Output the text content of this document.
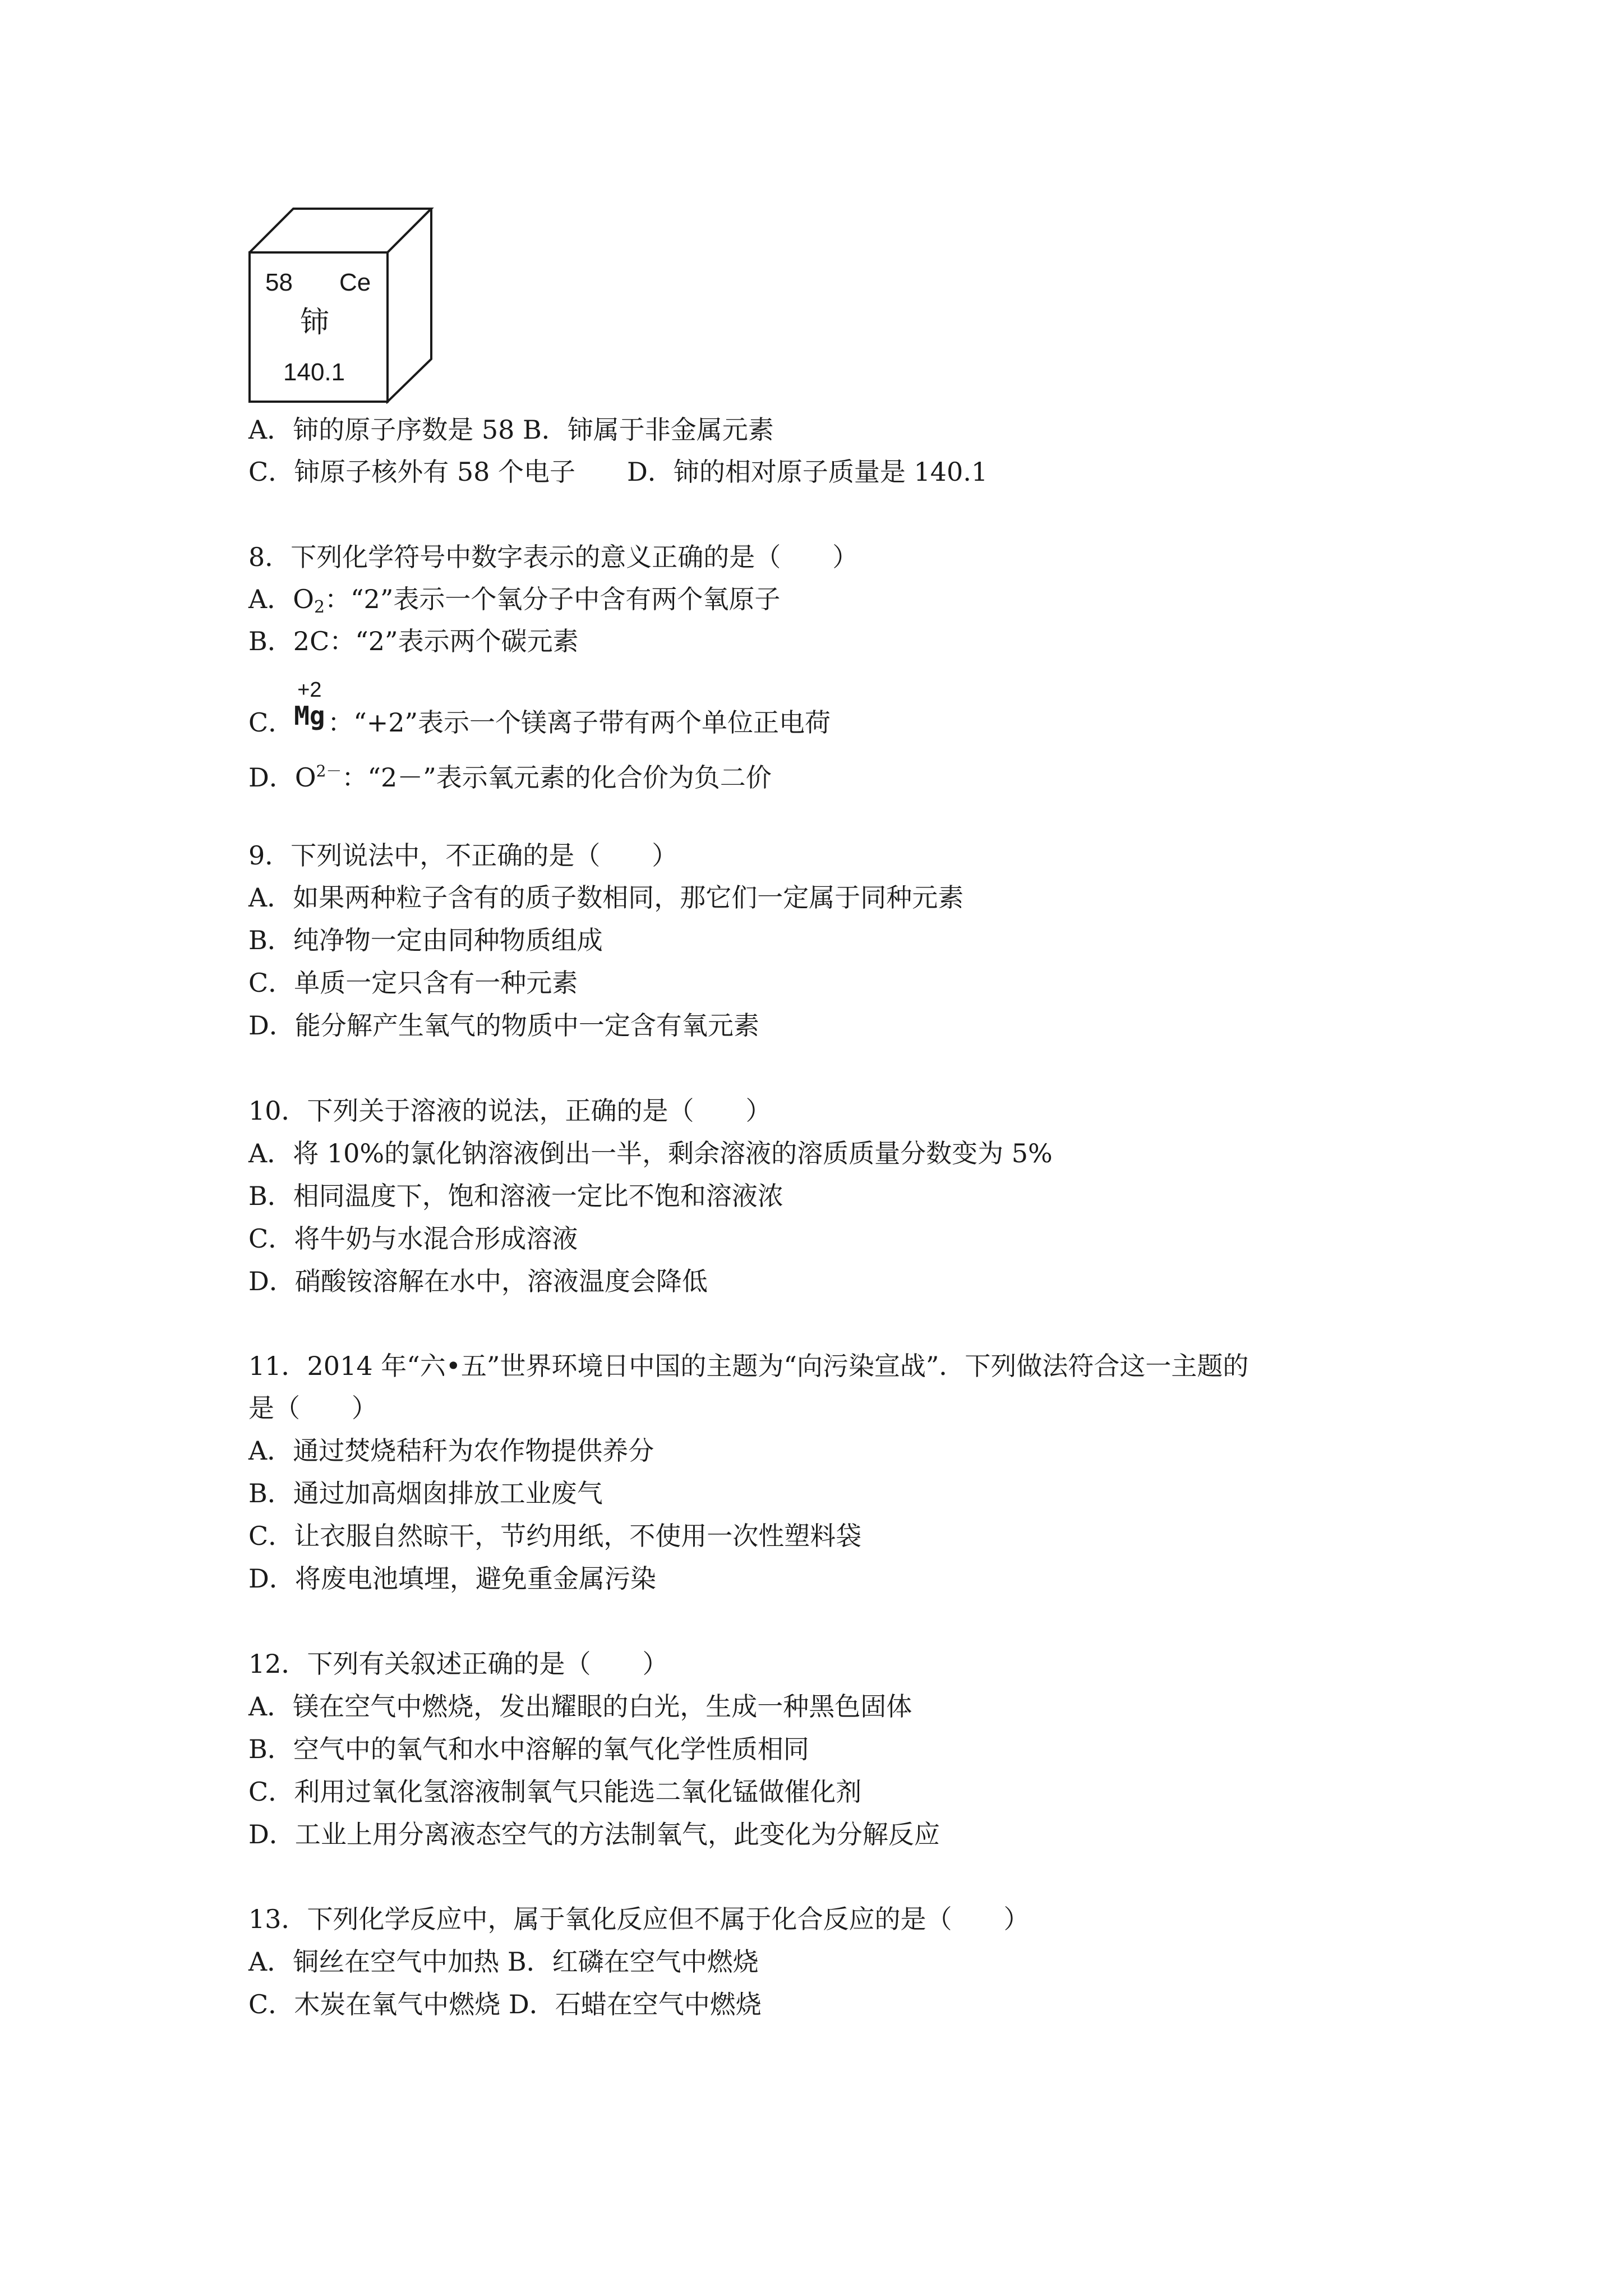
58 Ce
铈
140.1
A．铈的原子序数是 58 B．铈属于非金属元素
C．铈原子核外有 58 个电子　　D．铈的相对原子质量是 140.1
8．下列化学符号中数字表示的意义正确的是（　　）
A．$O_2$：“2”表示一个氧分子中含有两个氧原子
B．2C：“2”表示两个碳元素
C．
+2
Mg ：“+2”表示一个镁离子带有两个单位正电荷
D．$O^{2-}$：“2－”表示氧元素的化合价为负二价
9．下列说法中，不正确的是（　　）
A．如果两种粒子含有的质子数相同，那它们一定属于同种元素
B．纯净物一定由同种物质组成
C．单质一定只含有一种元素
D．能分解产生氧气的物质中一定含有氧元素
10．下列关于溶液的说法，正确的是（　　）
A．将 10%的氯化钠溶液倒出一半，剩余溶液的溶质质量分数变为 5%
B．相同温度下，饱和溶液一定比不饱和溶液浓
C．将牛奶与水混合形成溶液
D．硝酸铵溶解在水中，溶液温度会降低
11．2014 年“六•五”世界环境日中国的主题为“向污染宣战”．下列做法符合这一主题的
是（　　）
A．通过焚烧秸秆为农作物提供养分
B．通过加高烟囱排放工业废气
C．让衣服自然晾干，节约用纸，不使用一次性塑料袋
D．将废电池填埋，避免重金属污染
12．下列有关叙述正确的是（　　）
A．镁在空气中燃烧，发出耀眼的白光，生成一种黑色固体
B．空气中的氧气和水中溶解的氧气化学性质相同
C．利用过氧化氢溶液制氧气只能选二氧化锰做催化剂
D．工业上用分离液态空气的方法制氧气，此变化为分解反应
13．下列化学反应中，属于氧化反应但不属于化合反应的是（　　）
A．铜丝在空气中加热 B．红磷在空气中燃烧
C．木炭在氧气中燃烧 D．石蜡在空气中燃烧
